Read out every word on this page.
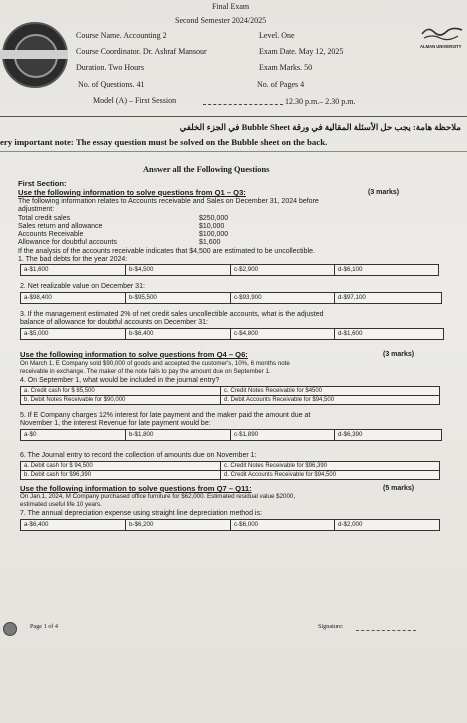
ALMAN UNIVERSITY
Final Exam
Second Semester 2024/2025
Course Name. Accounting 2	Level. One
Course Coordinator. Dr. Ashraf Mansour	Exam Date. May 12, 2025
Duration. Two Hours	Exam Marks. 50
No. of Questions. 41	No. of Pages 4
Model (A) – First Session	12.30 p.m.– 2.30 p.m.
ملاحظة هامة: يجب حل الأسئلة المقالية في ورقة Bubble Sheet في الجزء الخلفي
ery important note: The essay question must be solved on the Bubble sheet on the back.
Answer all the Following Questions
First Section:
Use the following information to solve questions from Q1 – Q3:	(3 marks)
The following information relates to Accounts receivable and Sales on December 31, 2024 before
adjustment:
Total credit sales	$250,000
Sales return and allowance	$10,000
Accounts Receivable	$100,000
Allowance for doubtful accounts	$1,600
If the analysis of the accounts receivable indicates that $4,500 are estimated to be uncollectible.
1. The bad debts for the year 2024:
a-$1,600	b-$4,500	c-$2,900	d-$6,100
2. Net realizable value on December 31:
a-$98,400	b-$95,500	c-$93,900	d-$97,100
3. If the management estimated 2% of net credit sales uncollectible accounts, what is the adjusted
balance of allowance for doubtful accounts on December 31:
a-$5,000	b-$6,400	c-$4,800	d-$1,600
Use the following information to solve questions from Q4 – Q6:	(3 marks)
On March 1, E Company sold $90,000 of goods and accepted the customer's, 10%, 6 months note
receivable in exchange. The maker of the note fails to pay the amount due on September 1.
4. On September 1, what would be included in the journal entry?
a. Credit cash for $ 85,500	c. Credit Notes Receivable for $4500
b. Debit Notes Receivable for $90,000	d. Debit Accounts Receivable for $94,500
5. If E Company charges 12% interest for late payment and the maker paid the amount due at
November 1, the interest Revenue for late payment would be:
a-$0	b-$1,800	c-$1,890	d-$6,390
6. The Journal entry to record the collection of amounts due on November 1:
a. Debit cash for $ 94,500	c. Credit Notes Receivable for $96,390
b. Debit cash for $96,390	d. Credit Accounts Receivable for $94,500
Use the following information to solve questions from Q7 – Q11:	(5 marks)
On Jan.1, 2024, M Company purchased office furniture for $62,000. Estimated residual value $2000,
estimated useful life 10 years.
7. The annual depreciation expense using straight line depreciation method is:
a-$6,400	b-$6,200	c-$6,000	d-$2,000
Page 1 of 4	Signature:
